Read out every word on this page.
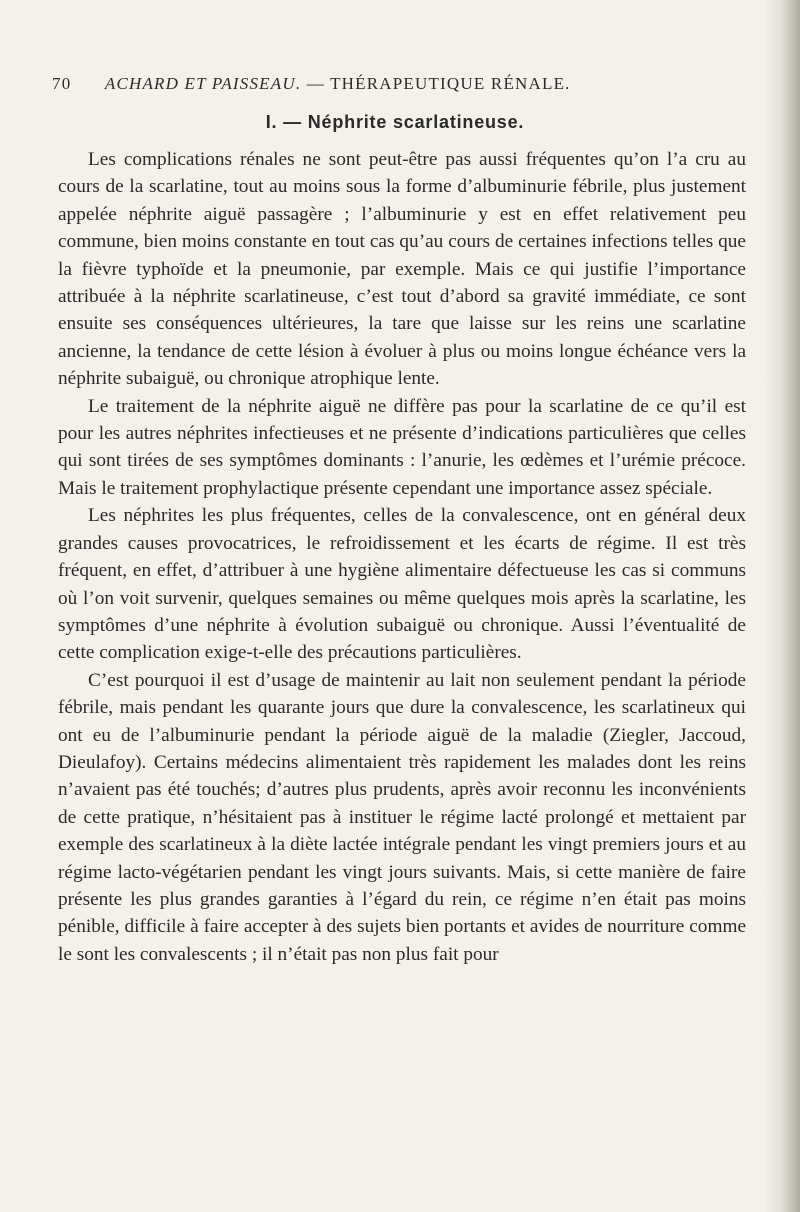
70 ACHARD ET PAISSEAU. — THÉRAPEUTIQUE RÉNALE.
I. — Néphrite scarlatineuse.

Les complications rénales ne sont peut-être pas aussi fréquentes qu’on l’a cru au cours de la scarlatine, tout au moins sous la forme d’albuminurie fébrile, plus justement appelée néphrite aiguë passagère ; l’albuminurie y est en effet relativement peu commune, bien moins constante en tout cas qu’au cours de certaines infections telles que la fièvre typhoïde et la pneumonie, par exemple. Mais ce qui justifie l’importance attribuée à la néphrite scarlatineuse, c’est tout d’abord sa gravité immédiate, ce sont ensuite ses conséquences ultérieures, la tare que laisse sur les reins une scarlatine ancienne, la tendance de cette lésion à évoluer à plus ou moins longue échéance vers la néphrite subaiguë, ou chronique atrophique lente.

Le traitement de la néphrite aiguë ne diffère pas pour la scarlatine de ce qu’il est pour les autres néphrites infectieuses et ne présente d’indications particulières que celles qui sont tirées de ses symptômes dominants : l’anurie, les œdèmes et l’urémie précoce. Mais le traitement prophylactique présente cependant une importance assez spéciale.

Les néphrites les plus fréquentes, celles de la convalescence, ont en général deux grandes causes provocatrices, le refroidissement et les écarts de régime. Il est très fréquent, en effet, d’attribuer à une hygiène alimentaire défectueuse les cas si communs où l’on voit survenir, quelques semaines ou même quelques mois après la scarlatine, les symptômes d’une néphrite à évolution subaiguë ou chronique. Aussi l’éventualité de cette complication exige-t-elle des précautions particulières.

C’est pourquoi il est d’usage de maintenir au lait non seulement pendant la période fébrile, mais pendant les quarante jours que dure la convalescence, les scarlatineux qui ont eu de l’albuminurie pendant la période aiguë de la maladie (Ziegler, Jaccoud, Dieulafoy). Certains médecins alimentaient très rapidement les malades dont les reins n’avaient pas été touchés; d’autres plus prudents, après avoir reconnu les inconvénients de cette pratique, n’hésitaient pas à instituer le régime lacté prolongé et mettaient par exemple des scarlatineux à la diète lactée intégrale pendant les vingt premiers jours et au régime lacto-végétarien pendant les vingt jours suivants. Mais, si cette manière de faire présente les plus grandes garanties à l’égard du rein, ce régime n’en était pas moins pénible, difficile à faire accepter à des sujets bien portants et avides de nourriture comme le sont les convalescents ; il n’était pas non plus fait pour
